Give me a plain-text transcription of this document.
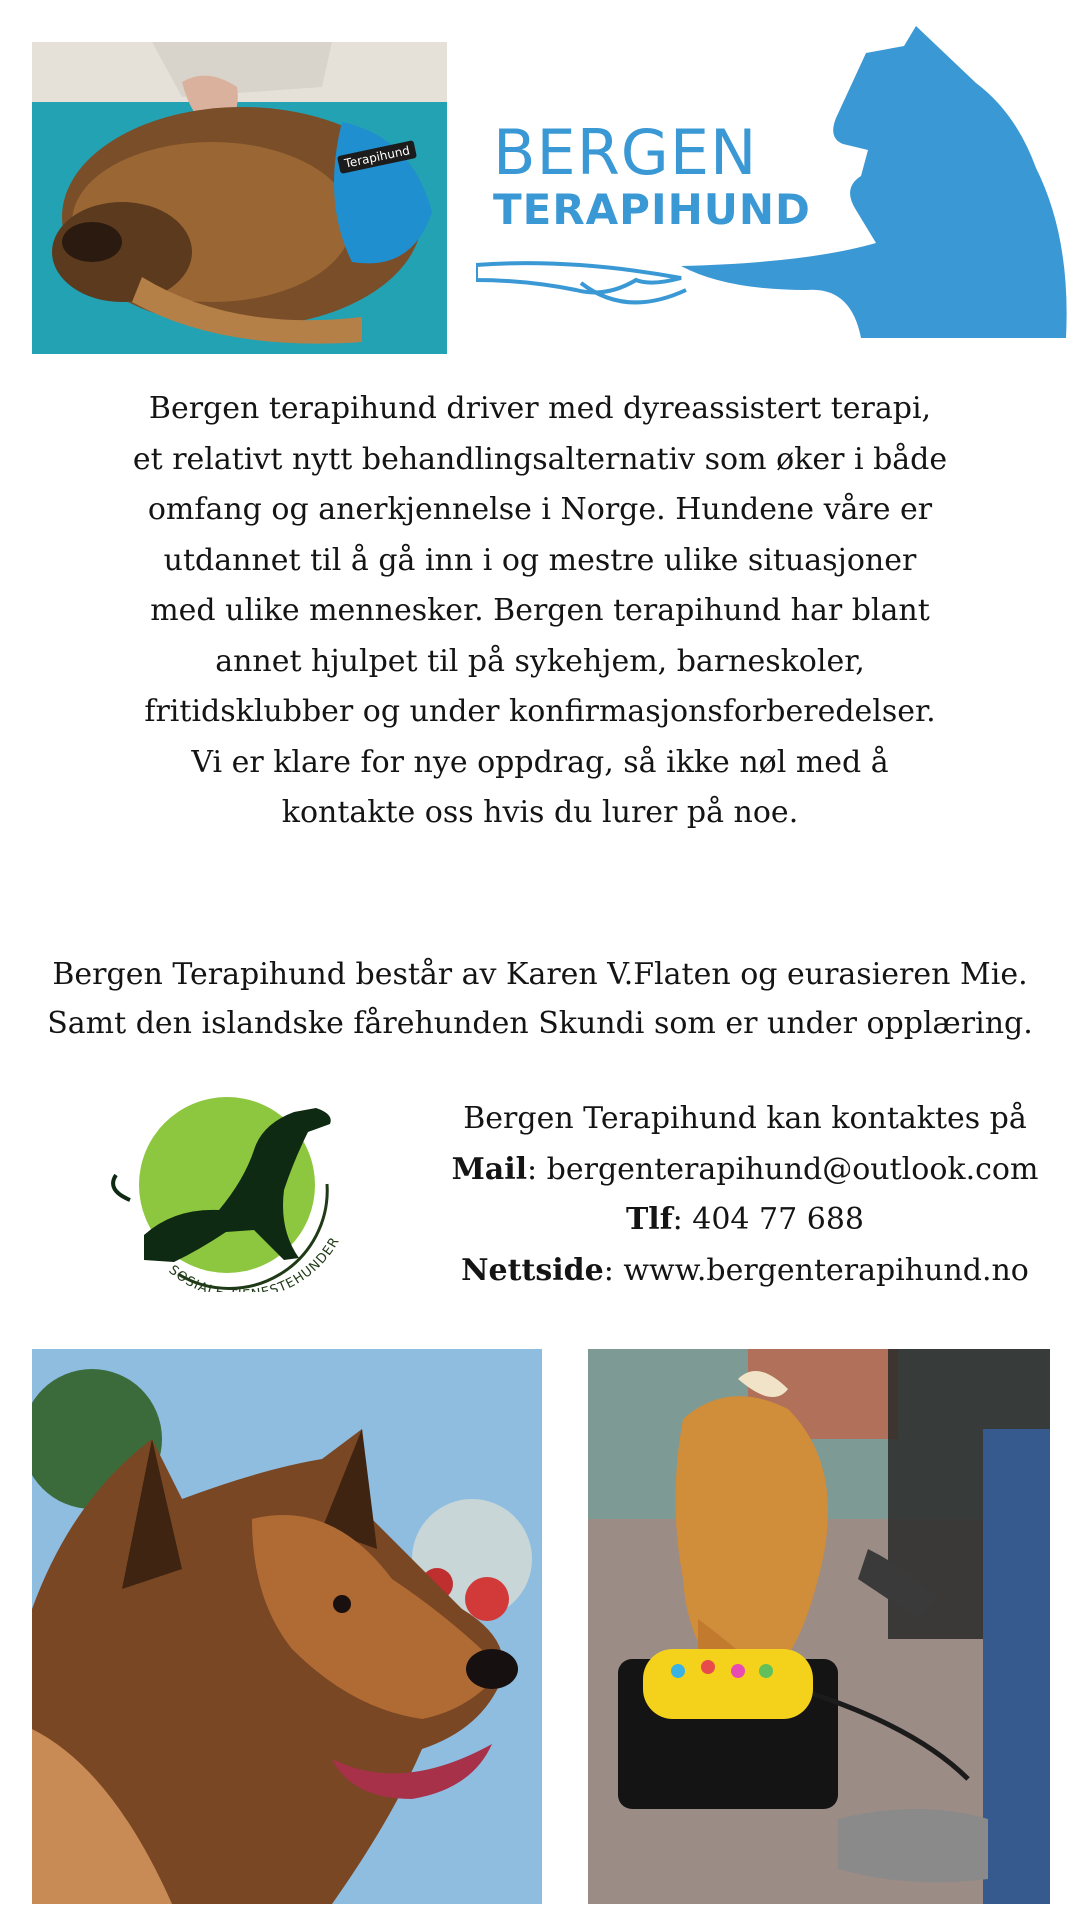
Terapihund BERGEN
TERAPIHUND

Bergen terapihund driver med dyreassistert terapi, et relativt nytt behandlingsalternativ som øker i både omfang og anerkjennelse i Norge. Hundene våre er utdannet til å gå inn i og mestre ulike situasjoner med ulike mennesker. Bergen terapihund har blant annet hjulpet til på sykehjem, barneskoler, fritidsklubber og under konfirmasjonsforberedelser. Vi er klare for nye oppdrag, så ikke nøl med å kontakte oss hvis du lurer på noe.

Bergen Terapihund består av Karen V.Flaten og eurasieren Mie.
Samt den islandske fårehunden Skundi som er under opplæring.

SOSIAL STEHUNDER
Bergen Terapihund kan kontaktes på
Mail: bergenterapihund@outlook.com
Tlf: 404 77 688
Nettside: www.bergenterapihund.no
